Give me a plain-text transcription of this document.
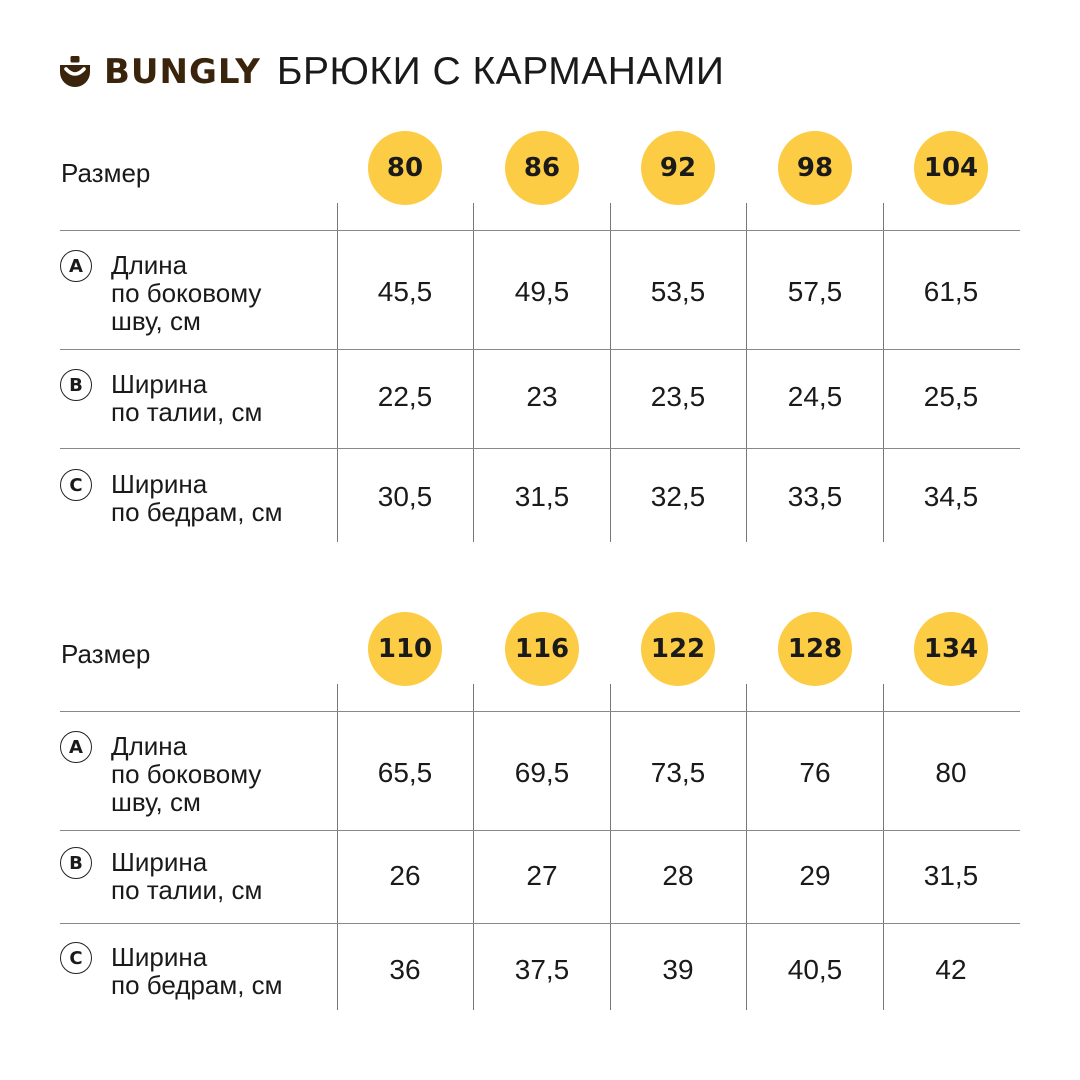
BUNGLY БРЮКИ С КАРМАНАМИ
Размер	80	86	92	98	104
A	Длина
по боковому
шву, см
45,5	49,5	53,5	57,5	61,5
B	Ширина
по талии, см	22,5	23	23,5	24,5	25,5
C	Ширина
по бедрам, см	30,5	31,5	32,5	33,5	34,5
Размер	110	116	122	128	134
A	Длина
по боковому
шву, см
65,5	69,5	73,5	76	80
B	Ширина
по талии, см	26	27	28	29	31,5
C	Ширина
по бедрам, см	36	37,5	39	40,5	42
